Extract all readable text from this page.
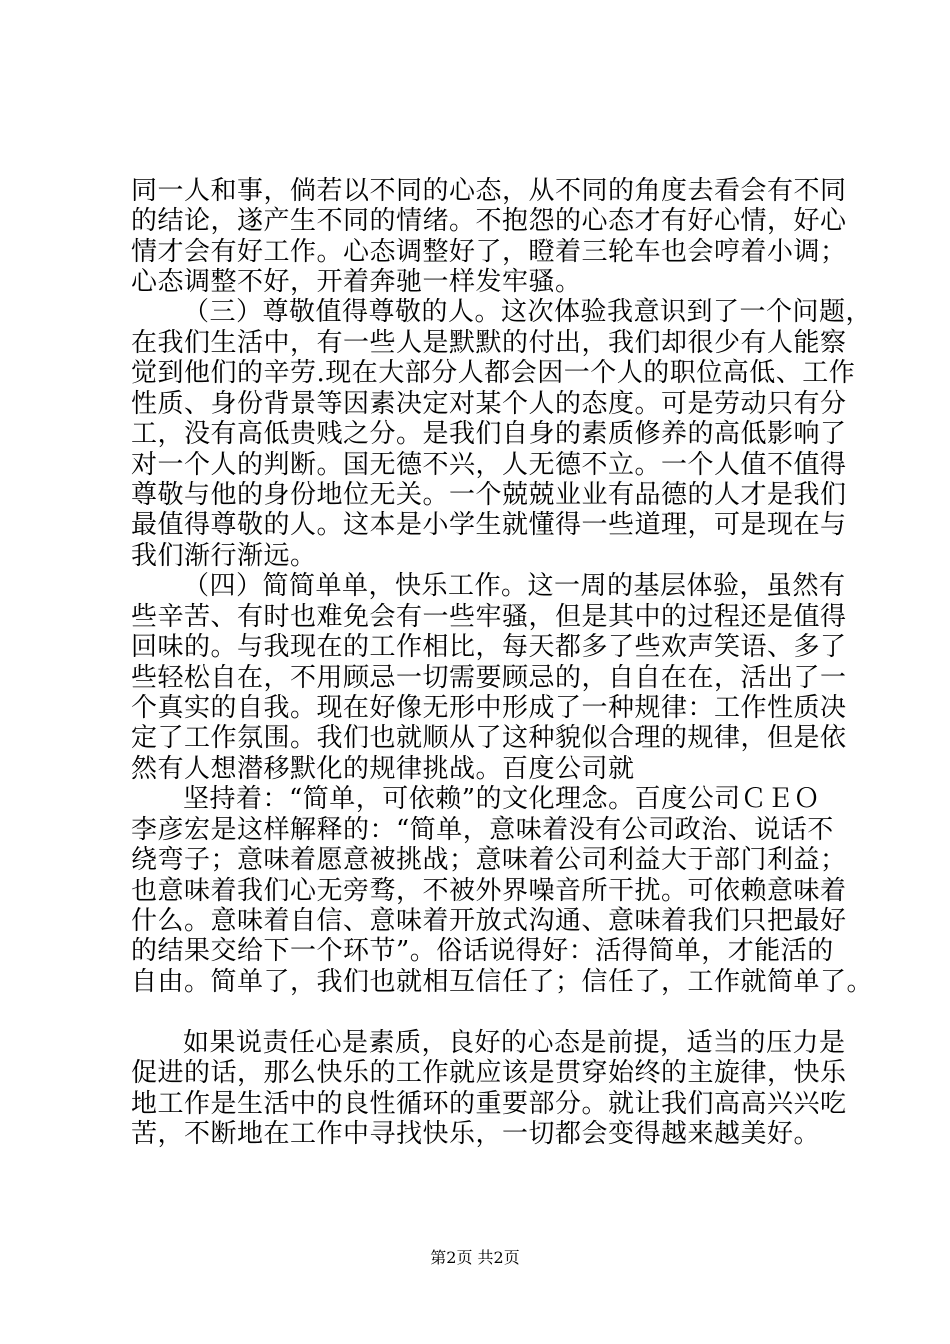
同一人和事，倘若以不同的心态，从不同的角度去看会有不同
的结论，遂产生不同的情绪。不抱怨的心态才有好心情，好心
情才会有好工作。心态调整好了，瞪着三轮车也会哼着小调；
心态调整不好，开着奔驰一样发牢骚。
（三）尊敬值得尊敬的人。这次体验我意识到了一个问题，
在我们生活中，有一些人是默默的付出，我们却很少有人能察
觉到他们的辛劳.现在大部分人都会因一个人的职位高低、工作
性质、身份背景等因素决定对某个人的态度。可是劳动只有分
工，没有高低贵贱之分。是我们自身的素质修养的高低影响了
对一个人的判断。国无德不兴，人无德不立。一个人值不值得
尊敬与他的身份地位无关。一个兢兢业业有品德的人才是我们
最值得尊敬的人。这本是小学生就懂得一些道理，可是现在与
我们渐行渐远。
（四）简简单单，快乐工作。这一周的基层体验，虽然有
些辛苦、有时也难免会有一些牢骚，但是其中的过程还是值得
回味的。与我现在的工作相比，每天都多了些欢声笑语、多了
些轻松自在，不用顾忌一切需要顾忌的，自自在在，活出了一
个真实的自我。现在好像无形中形成了一种规律：工作性质决
定了工作氛围。我们也就顺从了这种貌似合理的规律，但是依
然有人想潜移默化的规律挑战。百度公司就
坚持着：“简单，可依赖”的文化理念。百度公司ＣＥＯ
李彦宏是这样解释的：“简单，意味着没有公司政治、说话不
绕弯子；意味着愿意被挑战；意味着公司利益大于部门利益；
也意味着我们心无旁骛，不被外界噪音所干扰。可依赖意味着
什么。意味着自信、意味着开放式沟通、意味着我们只把最好
的结果交给下一个环节”。俗话说得好：活得简单，才能活的
自由。简单了，我们也就相互信任了；信任了，工作就简单了。
如果说责任心是素质，良好的心态是前提，适当的压力是
促进的话，那么快乐的工作就应该是贯穿始终的主旋律，快乐
地工作是生活中的良性循环的重要部分。就让我们高高兴兴吃
苦，不断地在工作中寻找快乐，一切都会变得越来越美好。
第2页 共2页
